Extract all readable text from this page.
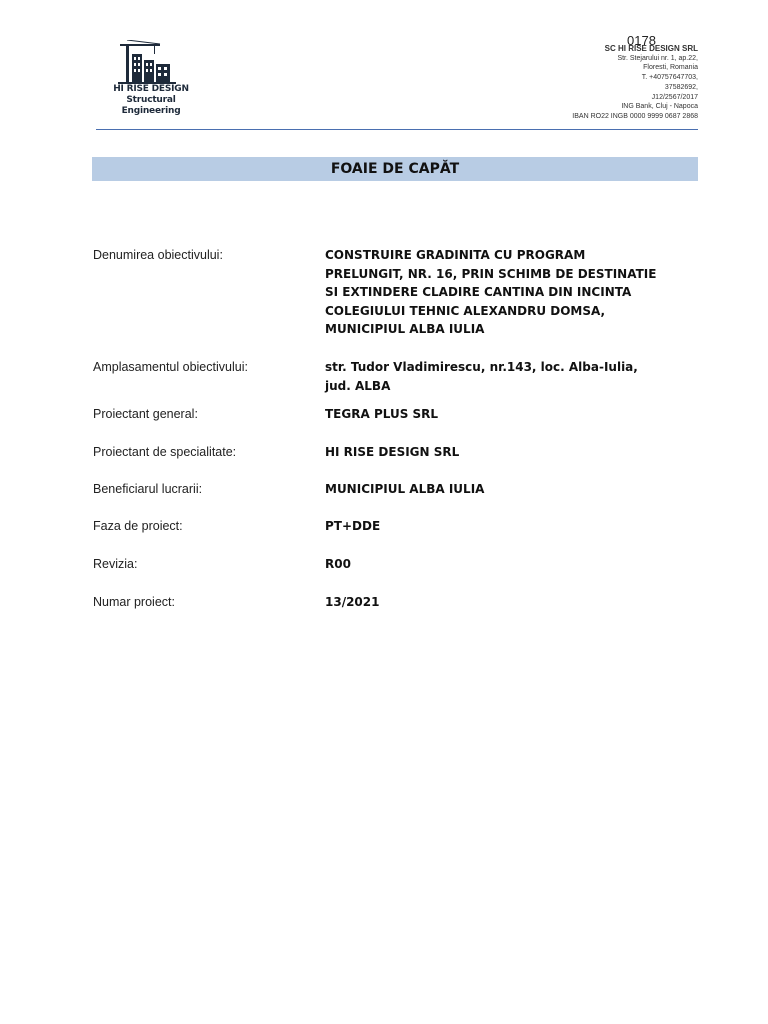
0178
HI RISE DESIGN
Structural
Engineering
SC HI RISE DESIGN SRL
Str. Stejarului nr. 1, ap.22,
Floresti, Romania
T. +40757647703,
37582692,
J12/2567/2017
ING Bank, Cluj - Napoca
IBAN RO22 INGB 0000 9999 0687 2868
FOAIE DE CAPĂT
Denumirea obiectivului:	CONSTRUIRE GRADINITA CU PROGRAM
PRELUNGIT, NR. 16, PRIN SCHIMB DE DESTINATIE
SI EXTINDERE CLADIRE CANTINA DIN INCINTA
COLEGIULUI TEHNIC ALEXANDRU DOMSA,
MUNICIPIUL ALBA IULIA
Amplasamentul obiectivului:	str. Tudor Vladimirescu, nr.143, loc. Alba-Iulia,
jud. ALBA
Proiectant general:	TEGRA PLUS SRL
Proiectant de specialitate:	HI RISE DESIGN SRL
Beneficiarul lucrarii:	MUNICIPIUL ALBA IULIA
Faza de proiect:	PT+DDE
Revizia:	R00
Numar proiect:	13/2021
